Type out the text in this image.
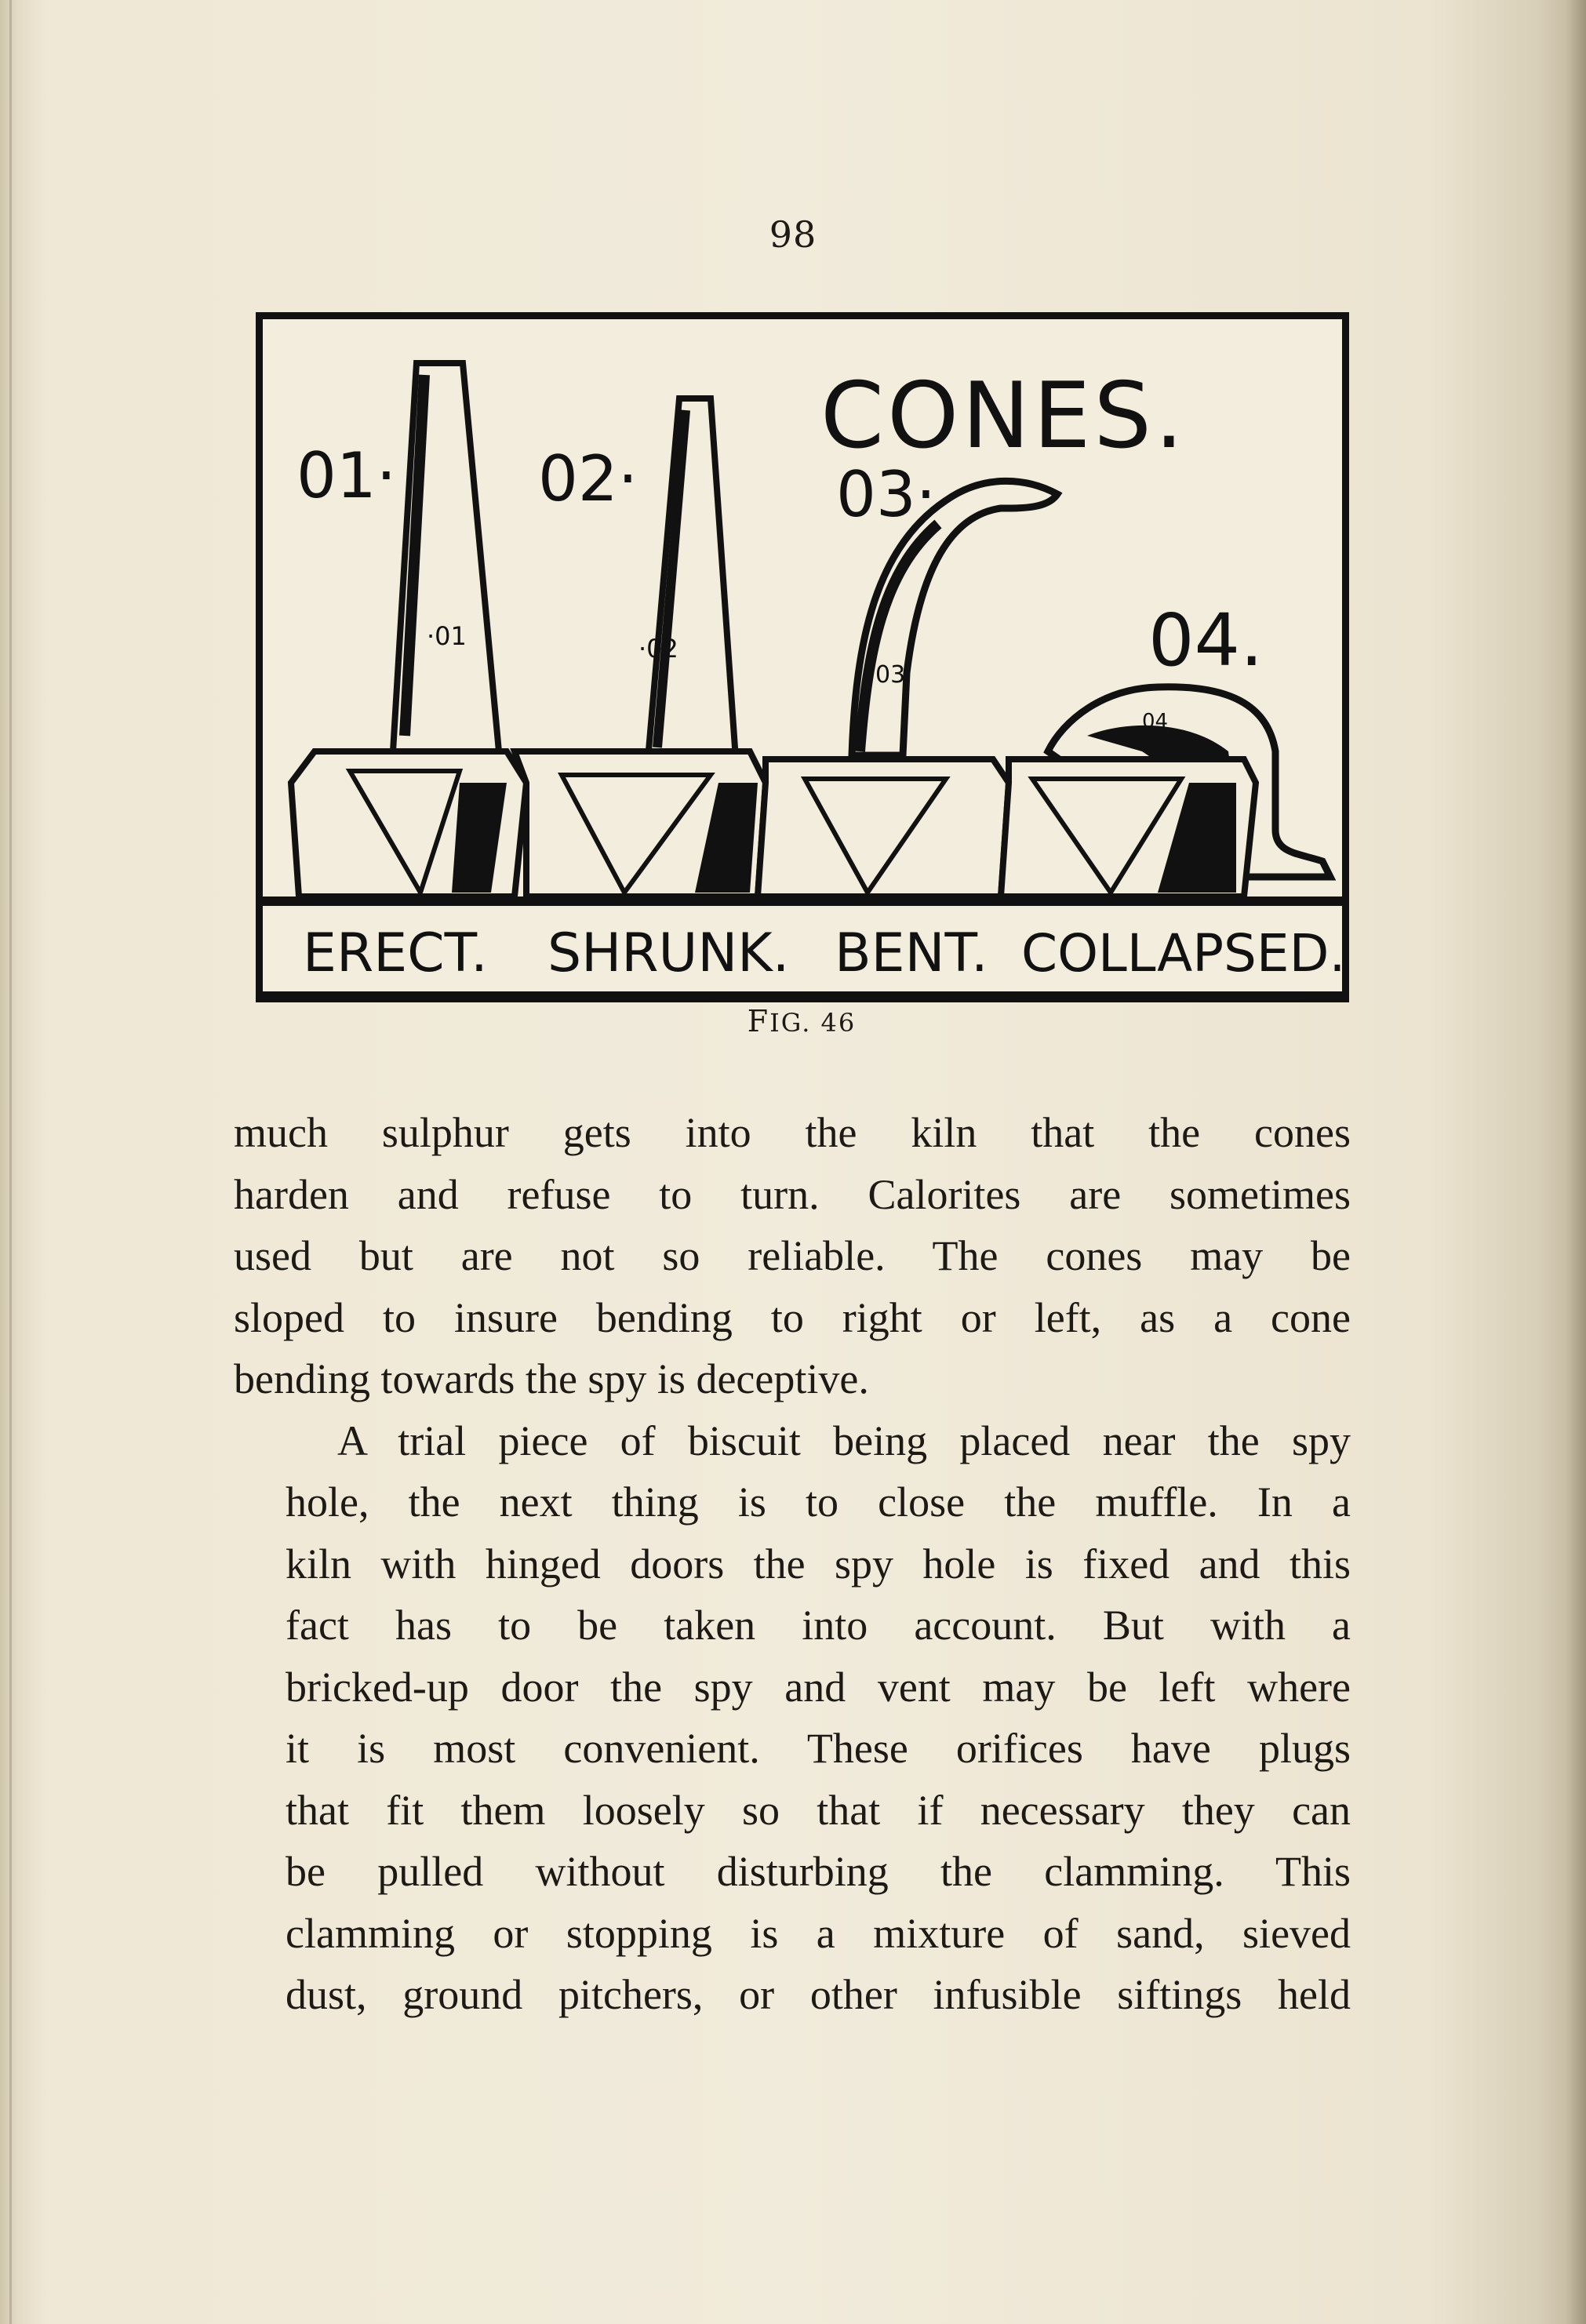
98
CONES.
01·
·01
02·
·02
03·
03	04.
04
ERECT. SHRUNK. BENT. COLLAPSED.
FIG. 46

much sulphur gets into the kiln that the cones
harden and refuse to turn. Calorites are sometimes
used but are not so reliable. The cones may be
sloped to insure bending to right or left, as a cone
bending towards the spy is deceptive.

A trial piece of biscuit being placed near the spy
hole, the next thing is to close the muffle. In a
kiln with hinged doors the spy hole is fixed and this
fact has to be taken into account. But with a
bricked-up door the spy and vent may be left where
it is most convenient. These orifices have plugs
that fit them loosely so that if necessary they can
be pulled without disturbing the clamming. This
clamming or stopping is a mixture of sand, sieved
dust, ground pitchers, or other infusible siftings held
